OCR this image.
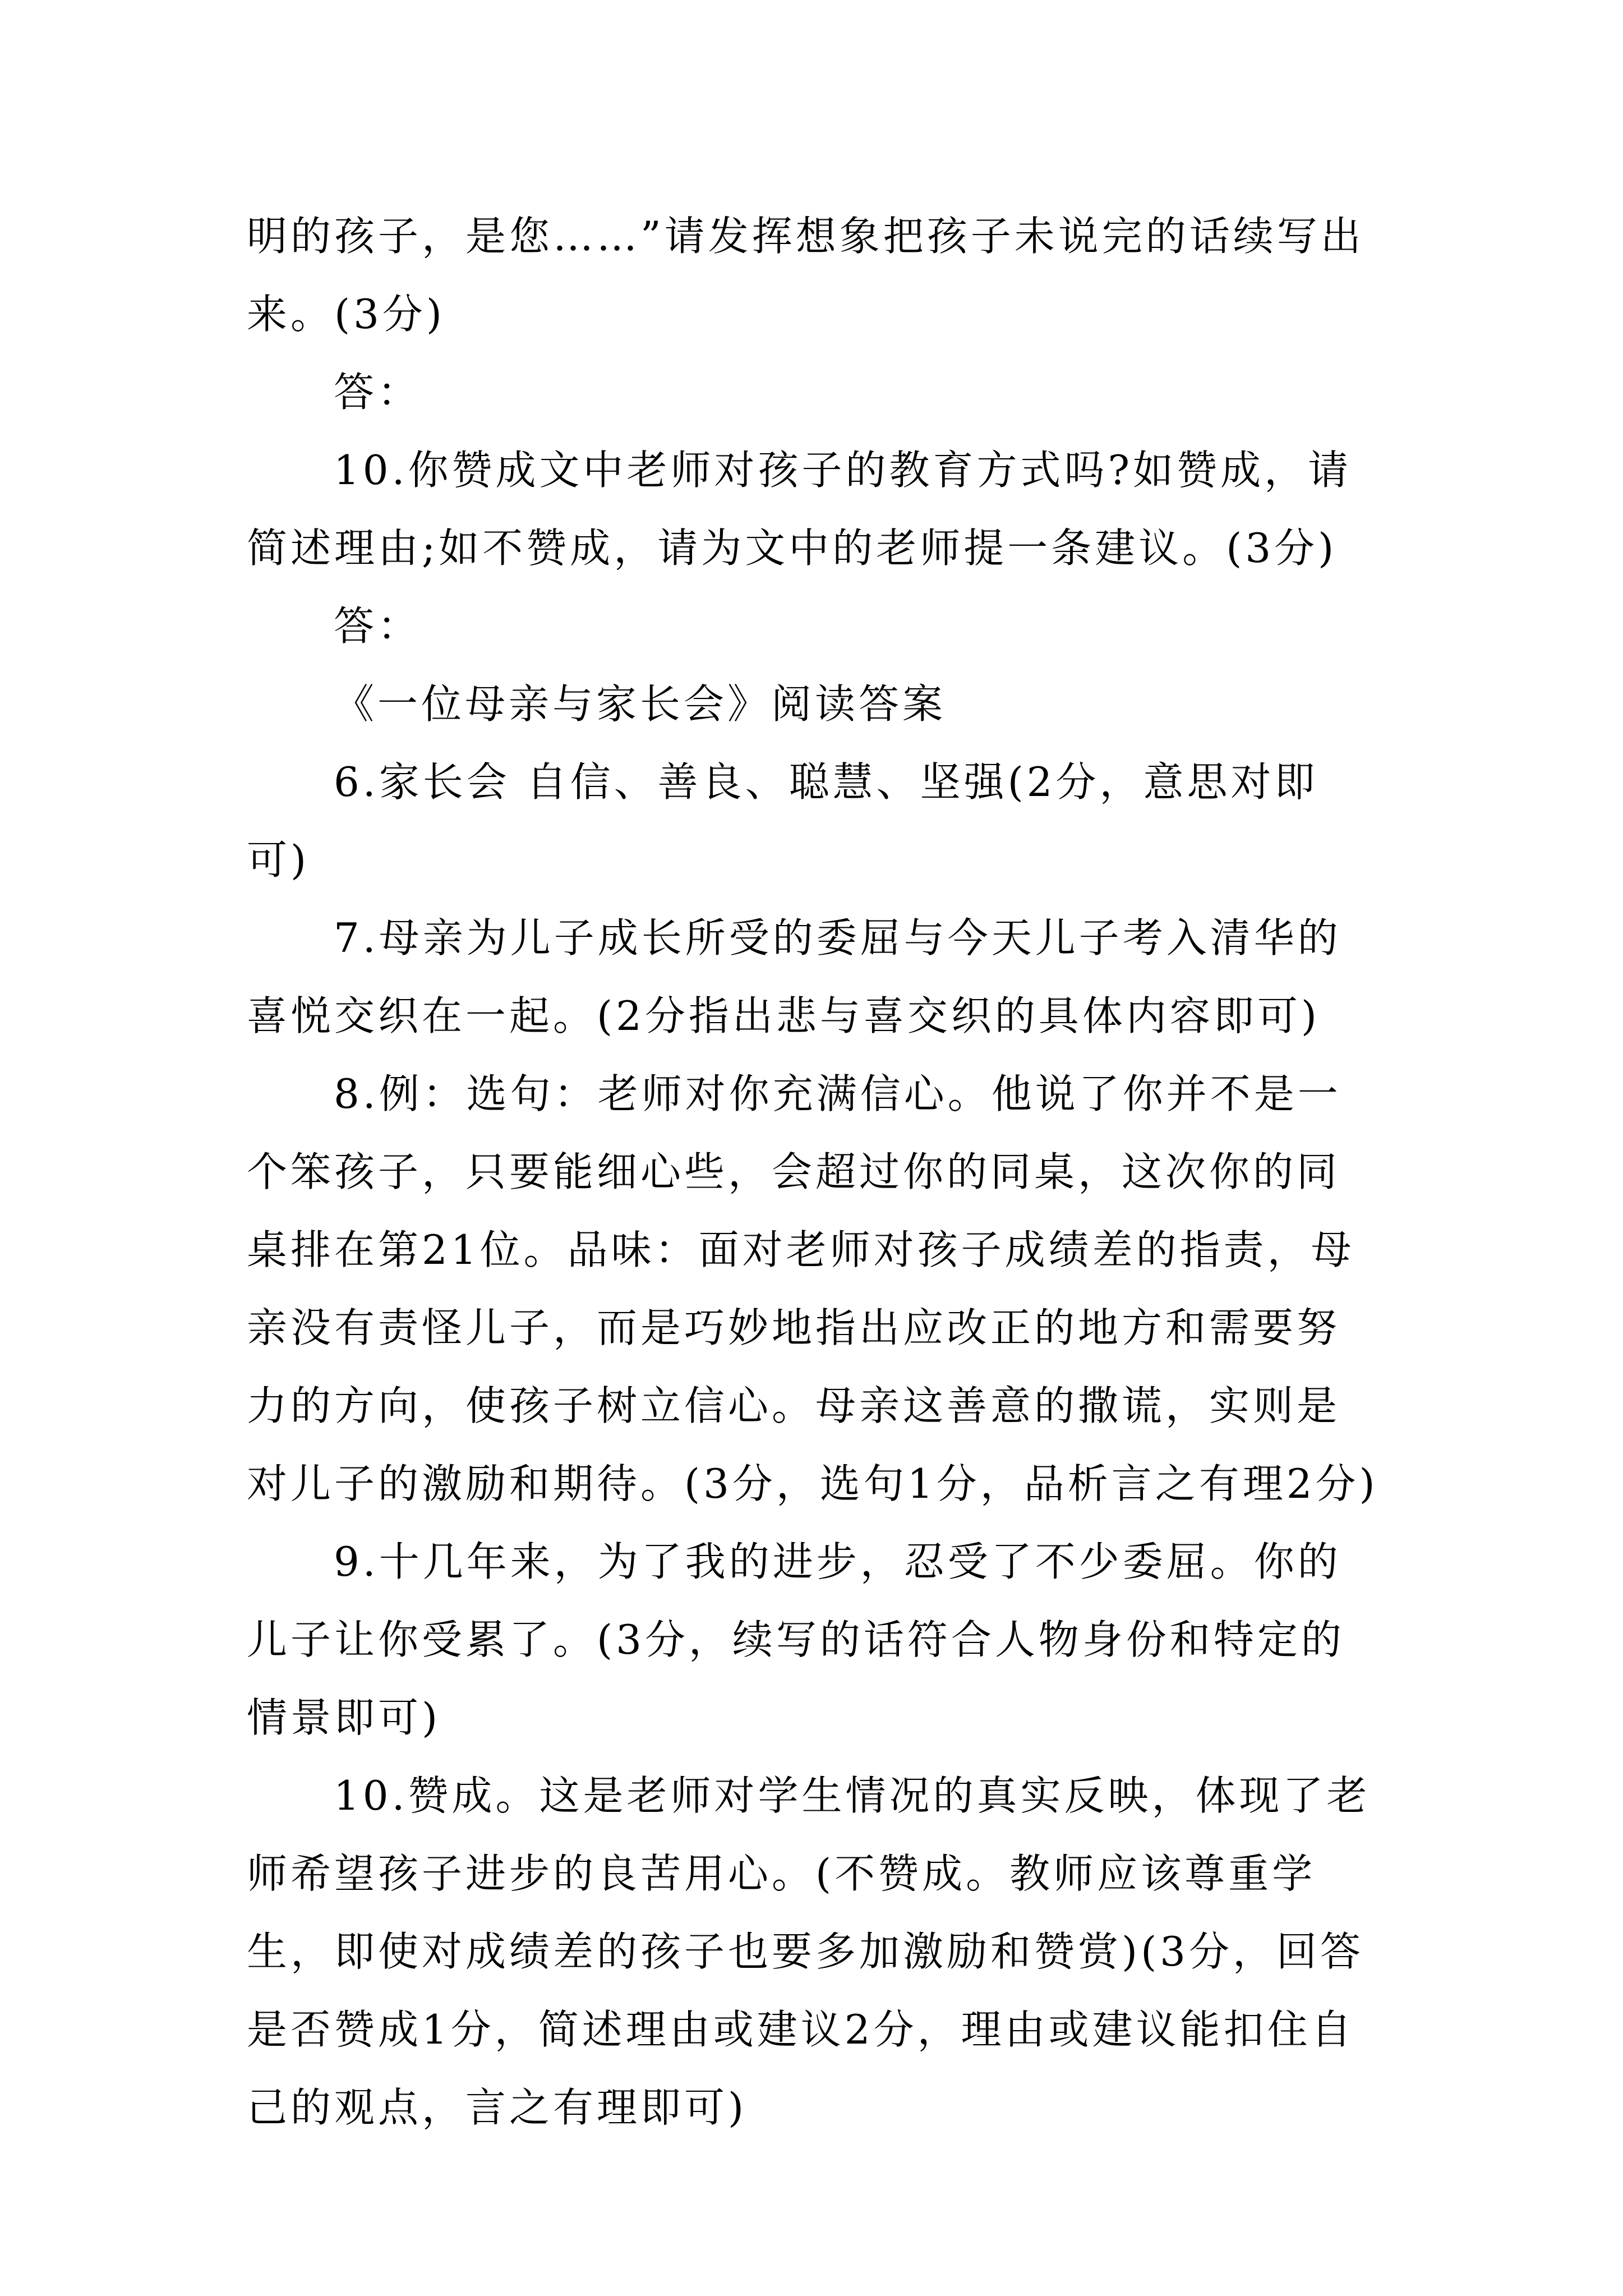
明的孩子，是您……”请发挥想象把孩子未说完的话续写出来。(3分)

答：

10.你赞成文中老师对孩子的教育方式吗?如赞成，请简述理由;如不赞成，请为文中的老师提一条建议。(3分)

答：

《一位母亲与家长会》阅读答案

6.家长会 自信、善良、聪慧、坚强(2分，意思对即可)

7.母亲为儿子成长所受的委屈与今天儿子考入清华的喜悦交织在一起。(2分指出悲与喜交织的具体内容即可)

8.例：选句：老师对你充满信心。他说了你并不是一个笨孩子，只要能细心些，会超过你的同桌，这次你的同桌排在第21位。品味：面对老师对孩子成绩差的指责，母亲没有责怪儿子，而是巧妙地指出应改正的地方和需要努力的方向，使孩子树立信心。母亲这善意的撒谎，实则是对儿子的激励和期待。(3分，选句1分，品析言之有理2分)

9.十几年来，为了我的进步，忍受了不少委屈。你的儿子让你受累了。(3分，续写的话符合人物身份和特定的情景即可)

10.赞成。这是老师对学生情况的真实反映，体现了老师希望孩子进步的良苦用心。(不赞成。教师应该尊重学生，即使对成绩差的孩子也要多加激励和赞赏)(3分，回答是否赞成1分，简述理由或建议2分，理由或建议能扣住自己的观点，言之有理即可)
